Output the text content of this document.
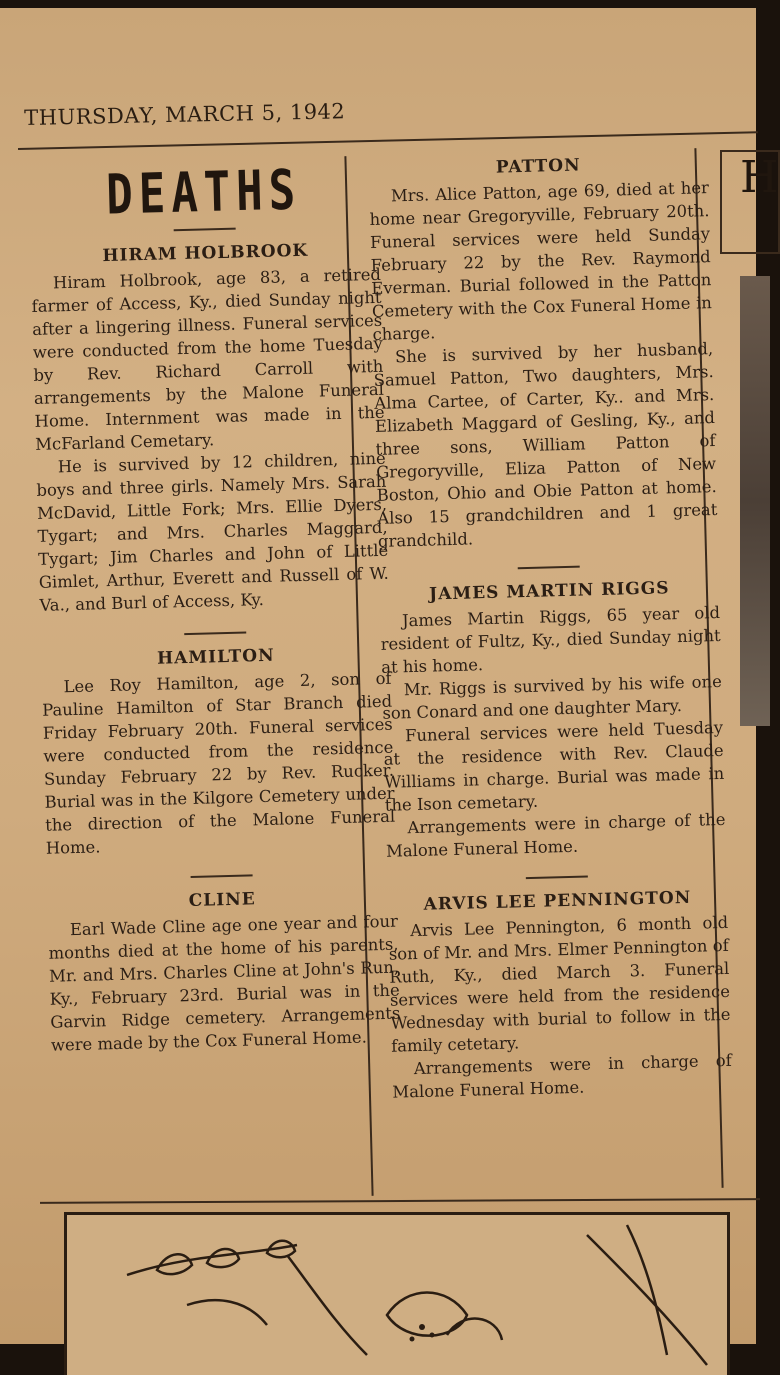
THURSDAY, MARCH 5, 1942
DEATHS
HIRAM HOLBROOK

Hiram Holbrook, age 83, a retired farmer of Access, Ky., died Sunday night after a lingering illness. Funeral services were conducted from the home Tuesday by Rev. Richard Carroll with arrangements by the Malone Funeral Home. Internment was made in the McFarland Cemetary.

He is survived by 12 children, nine boys and three girls. Namely Mrs. Sarah McDavid, Little Fork; Mrs. Ellie Dyers, Tygart; and Mrs. Charles Maggard, Tygart; Jim Charles and John of Little Gimlet, Arthur, Everett and Russell of W. Va., and Burl of Access, Ky.

HAMILTON

Lee Roy Hamilton, age 2, son of Pauline Hamilton of Star Branch died Friday February 20th. Funeral services were conducted from the residence Sunday February 22 by Rev. Rucker. Burial was in the Kilgore Cemetery under the direction of the Malone Funeral Home.

CLINE

Earl Wade Cline age one year and four months died at the home of his parents, Mr. and Mrs. Charles Cline at John's Run, Ky., February 23rd. Burial was in the Garvin Ridge cemetery. Arrangements were made by the Cox Funeral Home.

PATTON

Mrs. Alice Patton, age 69, died at her home near Gregoryville, February 20th. Funeral services were held Sunday February 22 by the Rev. Raymond Everman. Burial followed in the Patton Cemetery with the Cox Funeral Home in charge.

She is survived by her husband, Samuel Patton, Two daughters, Mrs. Alma Cartee, of Carter, Ky.. and Mrs. Elizabeth Maggard of Gesling, Ky., and three sons, William Patton of Gregoryville, Eliza Patton of New Boston, Ohio and Obie Patton at home. Also 15 grandchildren and 1 great grandchild.

JAMES MARTIN RIGGS

James Martin Riggs, 65 year old resident of Fultz, Ky., died Sunday night at his home.

Mr. Riggs is survived by his wife one son Conard and one daughter Mary.

Funeral services were held Tuesday at the residence with Rev. Claude Williams in charge. Burial was made in the Ison cemetary.

Arrangements were in charge of the Malone Funeral Home.

ARVIS LEE PENNINGTON

Arvis Lee Pennington, 6 month old son of Mr. and Mrs. Elmer Pennington of Ruth, Ky., died March 3. Funeral services were held from the residence Wednesday with burial to follow in the family cetetary.

Arrangements were in charge of Malone Funeral Home.

H
